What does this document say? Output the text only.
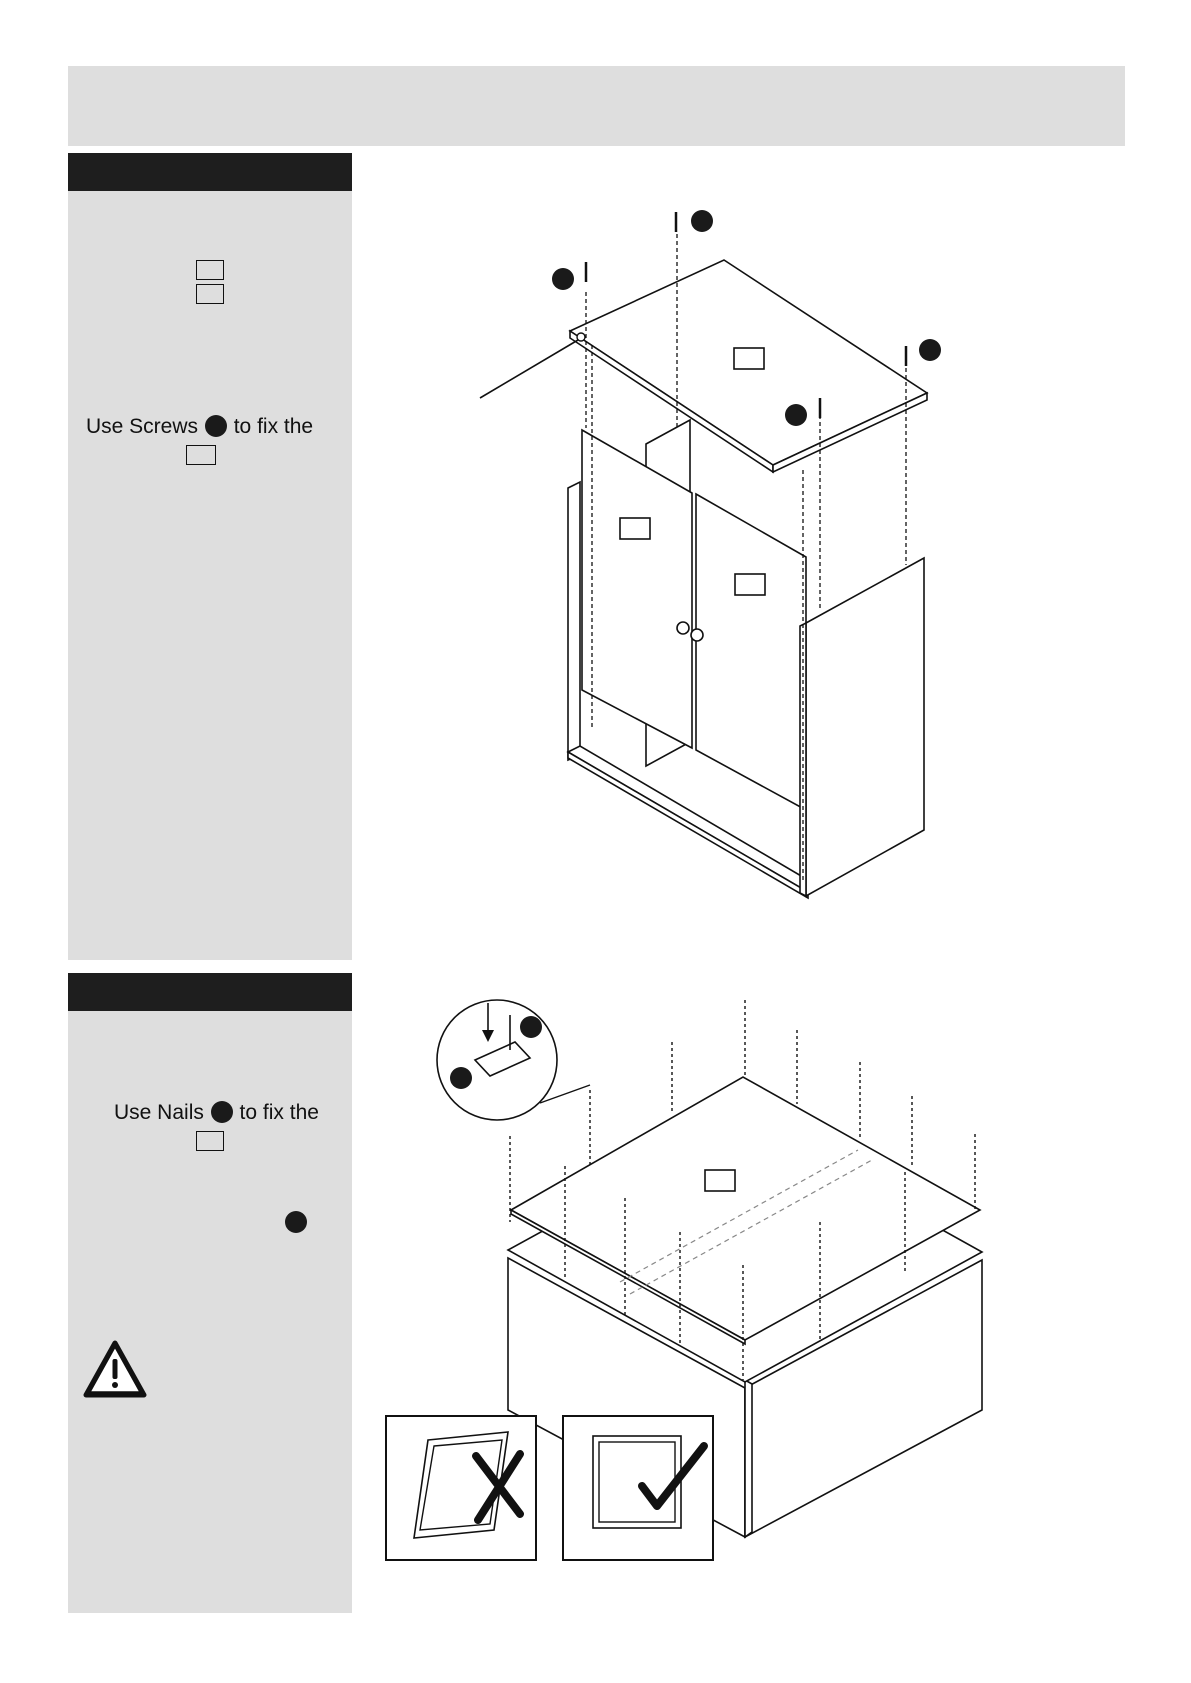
Use Screws to fix the
Use Nails to fix the
